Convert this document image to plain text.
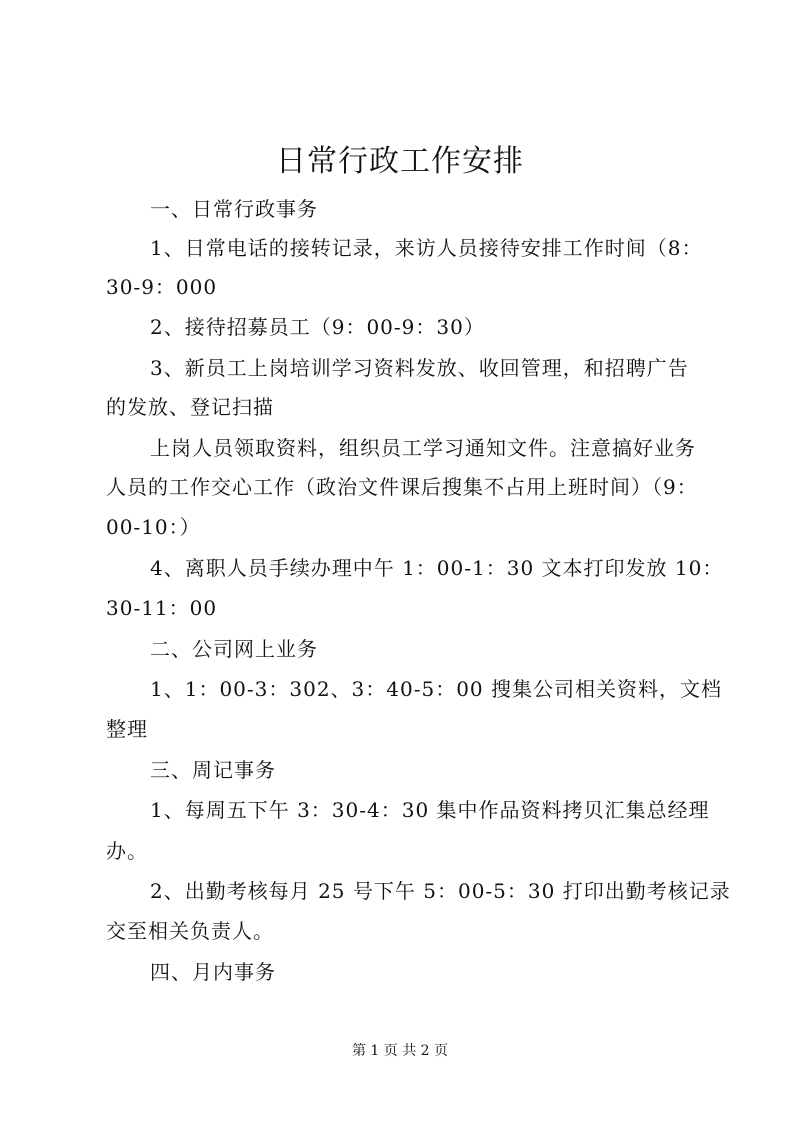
日常行政工作安排
一、日常行政事务
1、日常电话的接转记录，来访人员接待安排工作时间（8：
30-9：000
2、接待招募员工（9：00-9：30）
3、新员工上岗培训学习资料发放、收回管理，和招聘广告
的发放、登记扫描
上岗人员领取资料，组织员工学习通知文件。注意搞好业务
人员的工作交心工作（政治文件课后搜集不占用上班时间）（9：
00-10：）
4、离职人员手续办理中午 1：00-1：30 文本打印发放 10：
30-11：00
二、公司网上业务
1、1：00-3：302、3：40-5：00 搜集公司相关资料，文档
整理
三、周记事务
1、每周五下午 3：30-4：30 集中作品资料拷贝汇集总经理
办。
2、出勤考核每月 25 号下午 5：00-5：30 打印出勤考核记录
交至相关负责人。
四、月内事务
第 1 页 共 2 页
